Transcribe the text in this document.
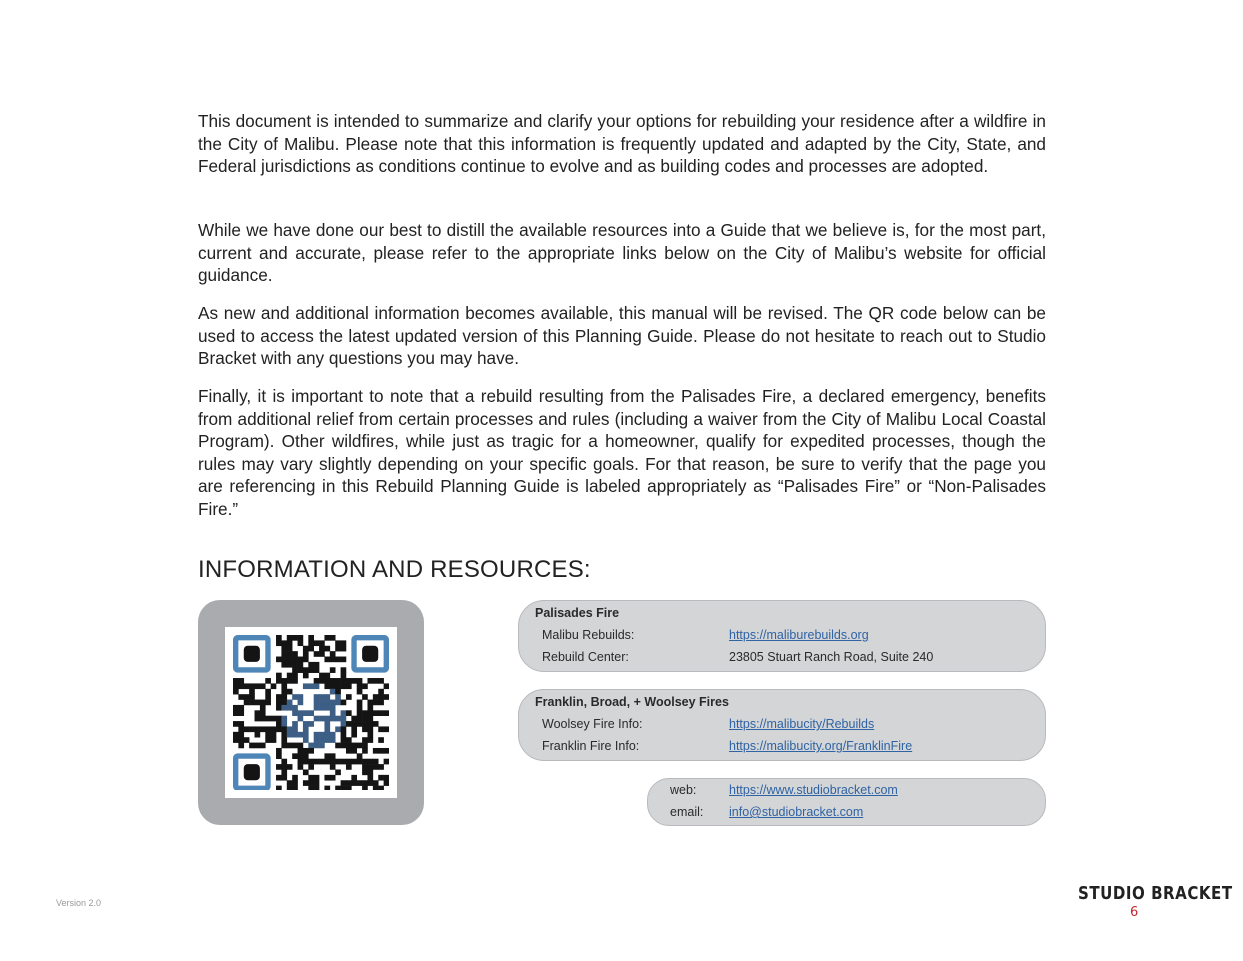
This document is intended to summarize and clarify your options for rebuilding your residence after a wildfire in the City of Malibu. Please note that this information is frequently updated and adapted by the City, State, and Federal jurisdictions as conditions continue to evolve and as building codes and processes are adopted.

While we have done our best to distill the available resources into a Guide that we believe is, for the most part, current and accurate, please refer to the appropriate links below on the City of Malibu’s website for official guidance.

As new and additional information becomes available, this manual will be revised. The QR code below can be used to access the latest updated version of this Planning Guide. Please do not hesitate to reach out to Studio Bracket with any questions you may have.

Finally, it is important to note that a rebuild resulting from the Palisades Fire, a declared emergency, benefits from additional relief from certain processes and rules (including a waiver from the City of Malibu Local Coastal Program). Other wildfires, while just as tragic for a homeowner, qualify for expedited processes, though the rules may vary slightly depending on your specific goals. For that reason, be sure to verify that the page you are referencing in this Rebuild Planning Guide is labeled appropriately as “Palisades Fire” or “Non-Palisades Fire.”

INFORMATION AND RESOURCES:
Palisades Fire
Malibu Rebuilds:	https://maliburebuilds.org
Rebuild Center:	23805 Stuart Ranch Road, Suite 240
Franklin, Broad, + Woolsey Fires
Woolsey Fire Info:	https://malibucity/Rebuilds
Franklin Fire Info:	https://malibucity.org/FranklinFire
web:	https://www.studiobracket.com
email: info@studiobracket.com
Version 2.0	STUDIO BRACKET
6
